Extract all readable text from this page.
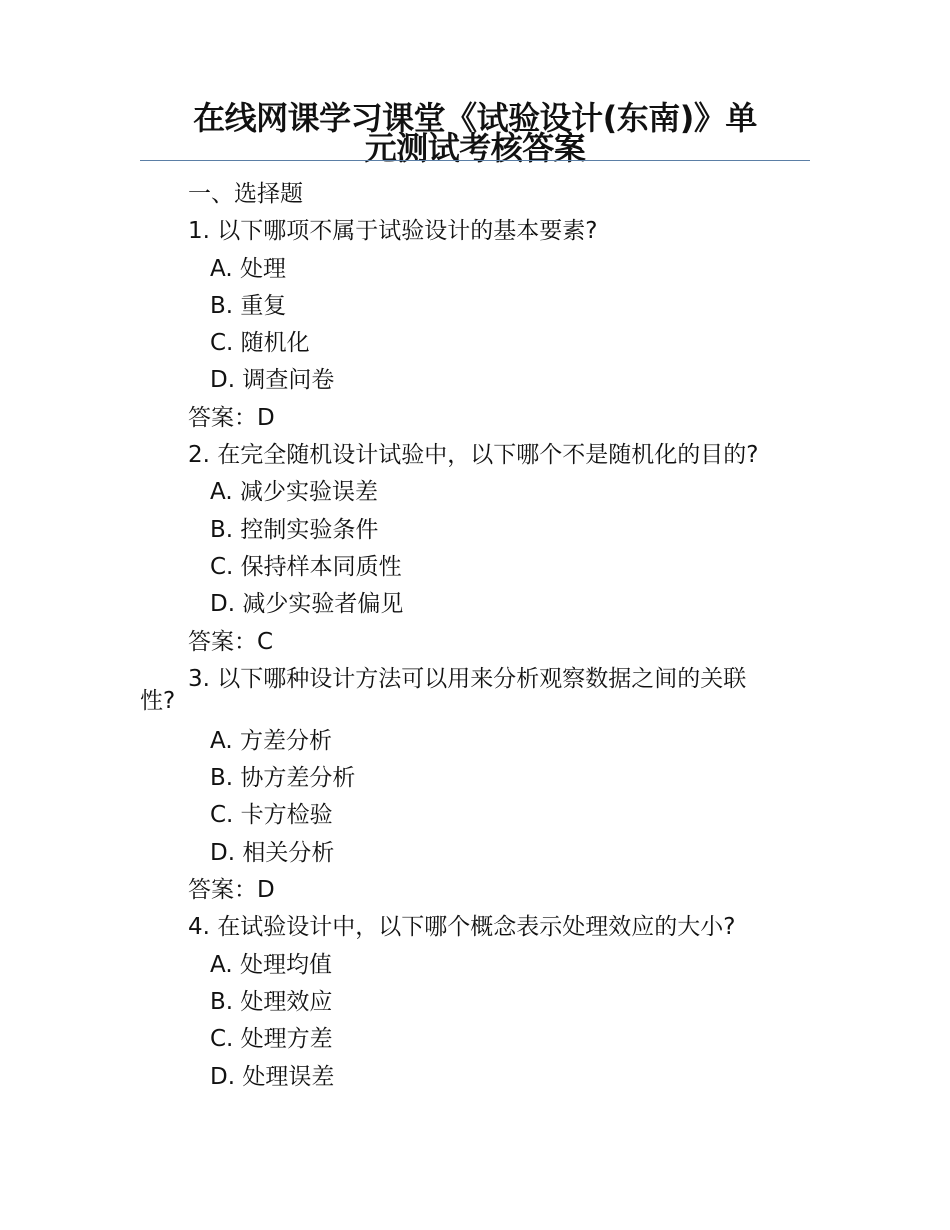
在线网课学习课堂《试验设计(东南)》单
元测试考核答案
一、选择题
1. 以下哪项不属于试验设计的基本要素?
A. 处理
B. 重复
C. 随机化
D. 调查问卷
答案：D
2. 在完全随机设计试验中，以下哪个不是随机化的目的?
A. 减少实验误差
B. 控制实验条件
C. 保持样本同质性
D. 减少实验者偏见
答案：C
3. 以下哪种设计方法可以用来分析观察数据之间的关联
性?
A. 方差分析
B. 协方差分析
C. 卡方检验
D. 相关分析
答案：D
4. 在试验设计中，以下哪个概念表示处理效应的大小?
A. 处理均值
B. 处理效应
C. 处理方差
D. 处理误差
